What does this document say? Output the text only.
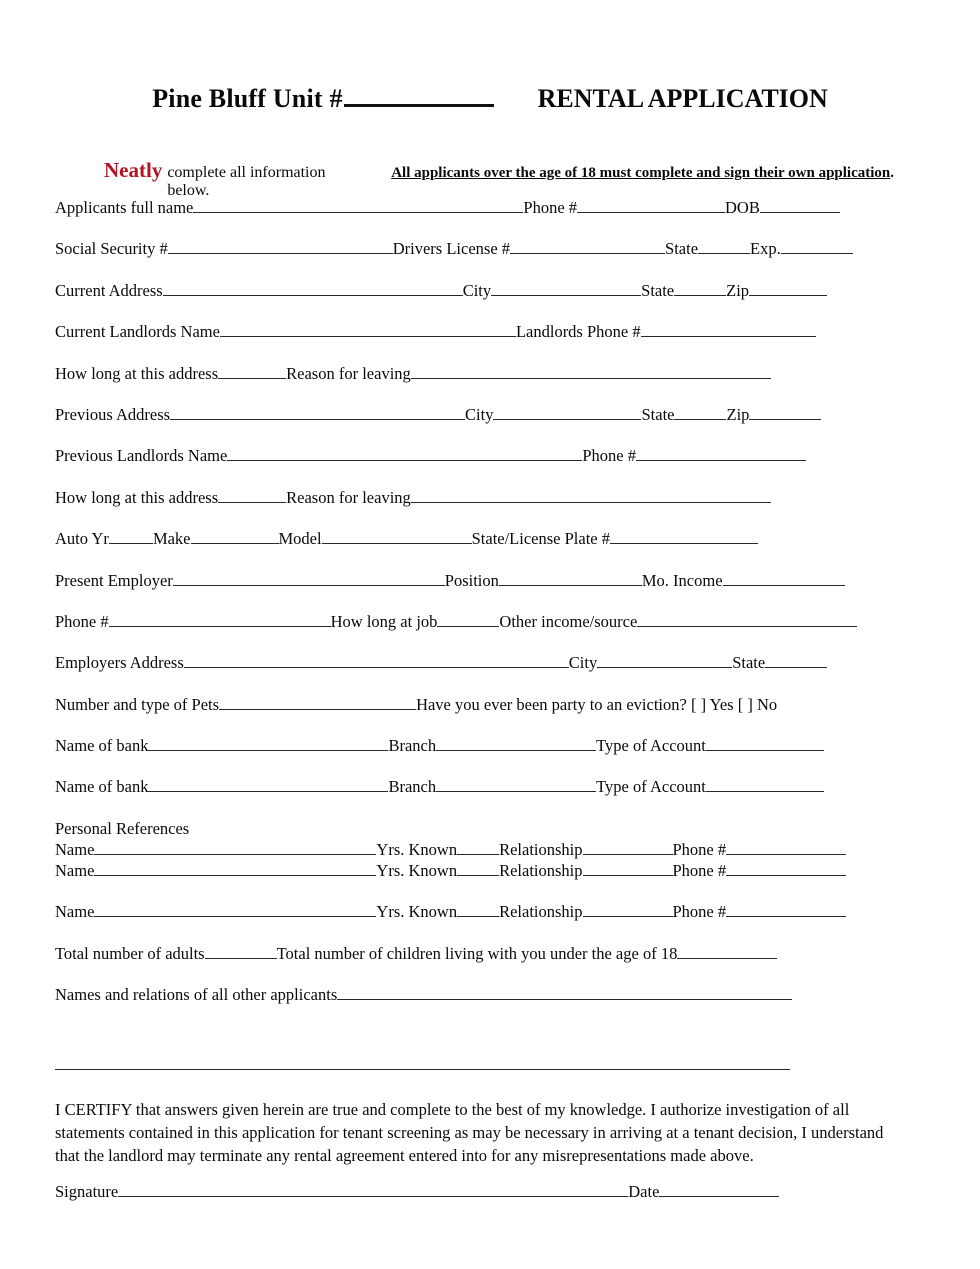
Pine Bluff Unit #	RENTAL APPLICATION
Neatly complete all information below.
All applicants over the age of 18 must complete and sign their own application.
Applicants full name	Phone #	DOB
Social Security #	Drivers License #	State	Exp.
Current Address	City	State	Zip
Current Landlords Name	Landlords Phone #
How long at this address	Reason for leaving
Previous Address	City	State	Zip
Previous Landlords Name	Phone #
How long at this address	Reason for leaving
Auto Yr	Make	Model	State/License Plate #
Present Employer	Position	Mo. Income
Phone #	How long at job	Other income/source
Employers Address	City	State
Number and type of Pets	Have you ever been party to an eviction? [ ] Yes [ ] No
Name of bank	Branch	Type of Account
Name of bank	Branch	Type of Account
Personal References
Name	Yrs. Known	Relationship	Phone #
Name	Yrs. Known	Relationship	Phone #
Name	Yrs. Known	Relationship	Phone #
Total number of adults	Total number of children living with you under the age of 18
Names and relations of all other applicants
I CERTIFY that answers given herein are true and complete to the best of my knowledge. I authorize investigation of all statements contained in this application for tenant screening as may be necessary in arriving at a tenant decision, I understand that the landlord may terminate any rental agreement entered into for any misrepresentations made above.
Signature	Date
